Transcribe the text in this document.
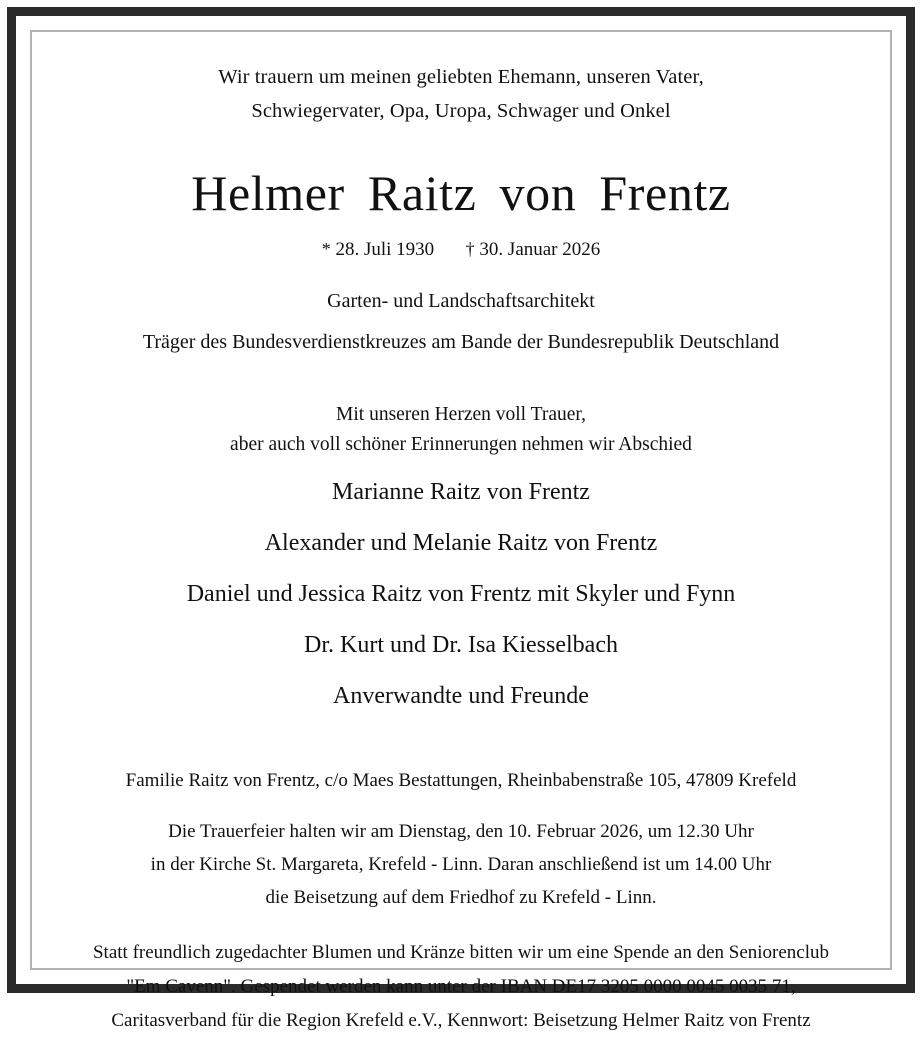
Wir trauern um meinen geliebten Ehemann, unseren Vater,
Schwiegervater, Opa, Uropa, Schwager und Onkel
Helmer Raitz von Frentz
* 28. Juli 1930 † 30. Januar 2026
Garten- und Landschaftsarchitekt
Träger des Bundesverdienstkreuzes am Bande der Bundesrepublik Deutschland
Mit unseren Herzen voll Trauer,
aber auch voll schöner Erinnerungen nehmen wir Abschied
Marianne Raitz von Frentz
Alexander und Melanie Raitz von Frentz
Daniel und Jessica Raitz von Frentz mit Skyler und Fynn
Dr. Kurt und Dr. Isa Kiesselbach
Anverwandte und Freunde
Familie Raitz von Frentz, c/o Maes Bestattungen, Rheinbabenstraße 105, 47809 Krefeld
Die Trauerfeier halten wir am Dienstag, den 10. Februar 2026, um 12.30 Uhr
in der Kirche St. Margareta, Krefeld - Linn. Daran anschließend ist um 14.00 Uhr
die Beisetzung auf dem Friedhof zu Krefeld - Linn.
Statt freundlich zugedachter Blumen und Kränze bitten wir um eine Spende an den Seniorenclub
"Em Cavenn". Gespendet werden kann unter der IBAN DE17 3205 0000 0045 0035 71,
Caritasverband für die Region Krefeld e.V., Kennwort: Beisetzung Helmer Raitz von Frentz
